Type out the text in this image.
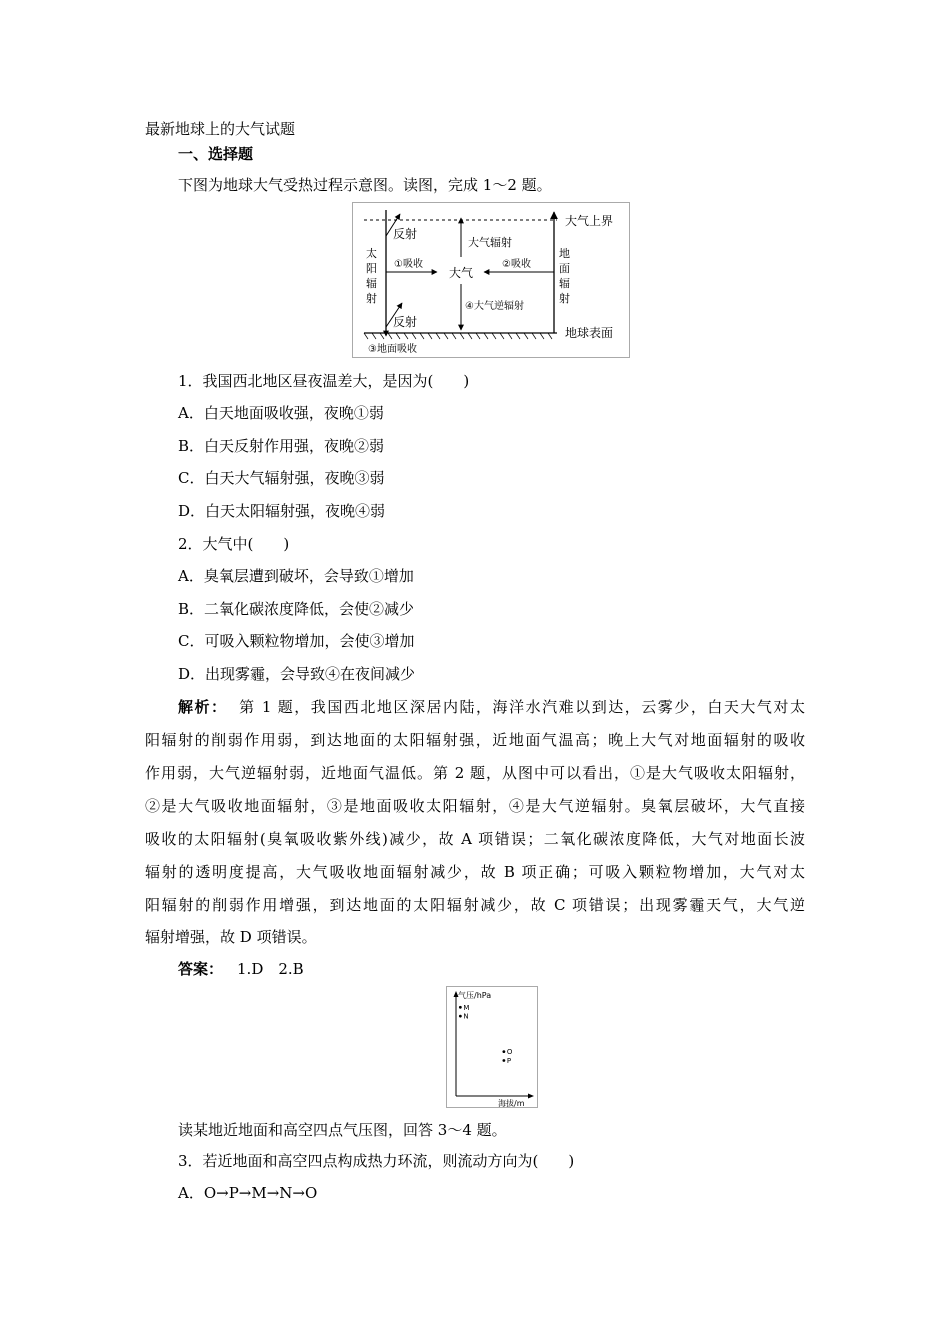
最新地球上的大气试题
一、选择题
下图为地球大气受热过程示意图。读图，完成 1～2 题。
大气上界
地球表面
太
阳
辐
射
地
面
辐
射
反射
反射
大气辐射
①吸收	②吸收
大气
④大气逆辐射
③地面吸收
1．我国西北地区昼夜温差大，是因为(　　)
A．白天地面吸收强，夜晚①弱
B．白天反射作用强，夜晚②弱
C．白天大气辐射强，夜晚③弱
D．白天太阳辐射强，夜晚④弱
2．大气中(　　)
A．臭氧层遭到破坏，会导致①增加
B．二氧化碳浓度降低，会使②减少
C．可吸入颗粒物增加，会使③增加
D．出现雾霾，会导致④在夜间减少
解析： 第 1 题，我国西北地区深居内陆，海洋水汽难以到达，云雾少，白天大气对太
阳辐射的削弱作用弱，到达地面的太阳辐射强，近地面气温高；晚上大气对地面辐射的吸收
作用弱，大气逆辐射弱，近地面气温低。第 2 题，从图中可以看出，①是大气吸收太阳辐射，
②是大气吸收地面辐射，③是地面吸收太阳辐射，④是大气逆辐射。臭氧层破坏，大气直接
吸收的太阳辐射(臭氧吸收紫外线)减少，故 A 项错误；二氧化碳浓度降低，大气对地面长波
辐射的透明度提高，大气吸收地面辐射减少，故 B 项正确；可吸入颗粒物增加，大气对太
阳辐射的削弱作用增强，到达地面的太阳辐射减少，故 C 项错误；出现雾霾天气，大气逆
辐射增强，故 D 项错误。
答案： 1.D　2.B
气压/hPa
海拔/m
M
N
O
P
读某地近地面和高空四点气压图，回答 3～4 题。
3．若近地面和高空四点构成热力环流，则流动方向为(　　)
A．O→P→M→N→O
